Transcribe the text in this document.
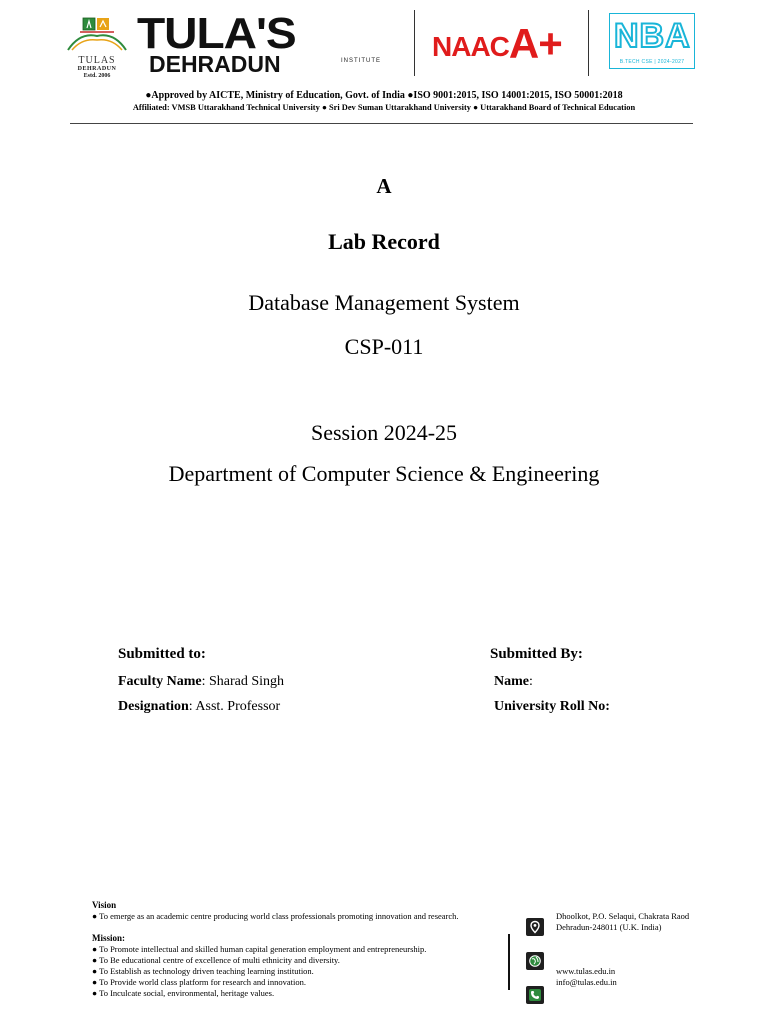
TULAS
DEHRADUN
Estd. 2006
TULA'S
DEHRADUN	INSTITUTE NAAC A+ NBA
B.TECH CSE | 2024-2027
●Approved by AICTE, Ministry of Education, Govt. of India ●ISO 9001:2015, ISO 14001:2015, ISO 50001:2018
Affiliated: VMSB Uttarakhand Technical University ● Sri Dev Suman Uttarakhand University ● Uttarakhand Board of Technical Education
A
Lab Record
Database Management System
CSP-011
Session 2024-25
Department of Computer Science & Engineering
Submitted to:
Faculty Name: Sharad Singh
Designation: Asst. Professor
Submitted By:
Name:
University Roll No:
Vision
● To emerge as an academic centre producing world class professionals promoting innovation and research.
Mission:
● To Promote intellectual and skilled human capital generation employment and entrepreneurship.
● To Be educational centre of excellence of multi ethnicity and diversity.
● To Establish as technology driven teaching learning institution.
● To Provide world class platform for research and innovation.
● To Inculcate social, environmental, heritage values.
Dhoolkot, P.O. Selaqui, Chakrata Raod
Dehradun-248011 (U.K. India)
www.tulas.edu.in
info@tulas.edu.in
